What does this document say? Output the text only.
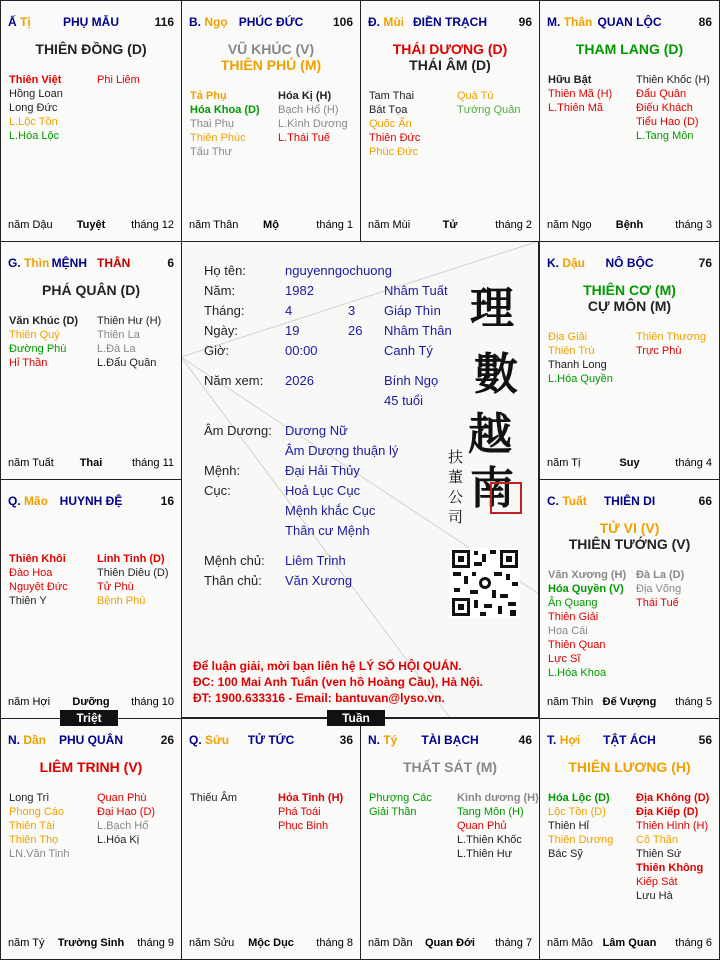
Ấ Tị	PHỤ MẪU	116
THIÊN ĐỒNG (D)
Thiên Việt
Hồng Loan
Long Đức
L.Lộc Tồn
L.Hóa Lộc
Phi Liêm
năm Dậu	Tuyệt	tháng 12
B. Ngọ PHÚC ĐỨC	106
VŨ KHÚC (V)
THIÊN PHỦ (M)
Tả Phụ
Hóa Khoa (D)
Thai Phụ
Thiên Phúc
Tấu Thư
Hóa Kị (H)
Bạch Hổ (H)
L.Kình Dương
L.Thái Tuế
năm Thân	Mộ	tháng 1
Đ. Mùi ĐIỀN TRẠCH	96
THÁI DƯƠNG (D)
THÁI ÂM (D)
Tam Thai
Bát Tọa
Quốc Ấn
Thiên Đức
Phúc Đức
Quả Tú
Tướng Quân
năm Mùi	Tử	tháng 2
M. Thân QUAN LỘC	86
THAM LANG (D)
Hữu Bật
Thiên Mã (H)
L.Thiên Mã
Thiên Khốc (H)
Đẩu Quân
Điếu Khách
Tiểu Hao (D)
L.Tang Môn
năm Ngọ	Bệnh	tháng 3
G. Thìn MỆNH THÂN	6
PHÁ QUÂN (D)
Văn Khúc (D)
Thiên Quý
Đường Phù
Hỉ Thần
Thiên Hư (H)
Thiên La
L.Đà La
L.Đẩu Quân
năm Tuất	Thai	tháng 11
K. Dậu	NÔ BỘC	76
THIÊN CƠ (M)
CỰ MÔN (M)
Địa Giải
Thiên Trù
Thanh Long
L.Hóa Quyền
Thiên Thương
Trực Phù
năm Tị	Suy	tháng 4
Q. Mão HUYNH ĐỆ	16
Thiên Khôi
Đào Hoa
Nguyệt Đức
Thiên Y
Linh Tinh (D)
Thiên Diêu (D)
Tử Phù
Bệnh Phù
năm Hợi	Dưỡng	tháng 10
C. Tuất	THIÊN DI	66
TỬ VI (V)
THIÊN TƯỚNG (V)
Văn Xương (H)
Hóa Quyền (V)
Ân Quang
Thiên Giải
Hoa Cái
Thiên Quan
Lực Sĩ
L.Hóa Khoa
Đà La (D)
Địa Võng
Thái Tuế
năm Thìn Đế Vượng	tháng 5
N. Dần	PHU QUÂN	26
LIÊM TRINH (V)
Long Trì
Phong Cáo
Thiên Tài
Thiên Thọ
LN.Văn Tinh
Quan Phù
Đại Hao (D)
L.Bạch Hổ
L.Hóa Kị
năm Tý	Trường Sinh	tháng 9
Q. Sửu	TỬ TỨC	36
Thiếu Âm	Hỏa Tinh (H)
Phá Toái
Phục Binh
năm Sửu	Mộc Dục	tháng 8
N. Tý	TÀI BẠCH	46
THẤT SÁT (M)
Phượng Các
Giải Thần
Kình dương (H)
Tang Môn (H)
Quan Phủ
L.Thiên Khốc
L.Thiên Hư
năm Dần	Quan Đới	tháng 7
T. Hợi	TẬT ÁCH	56
THIÊN LƯƠNG (H)
Hóa Lộc (D)
Lộc Tồn (D)
Thiên Hỉ
Thiên Dương
Bác Sỹ
Địa Không (D)
Địa Kiếp (D)
Thiên Hình (H)
Cô Thần
Thiên Sứ
Thiên Không
Kiếp Sát
Lưu Hà
năm Mão Lâm Quan	tháng 6
Họ tên:	nguyenngochuong
Năm:	1982	Nhâm Tuất
Tháng:	4	3 Giáp Thìn
Ngày:	19	26 Nhâm Thân
Giờ:	00:00	Canh Tý
Năm xem: 2026	Bính Ngọ
45 tuổi
Âm Dương: Dương Nữ
Âm Dương thuận lý
Mệnh:	Đại Hải Thủy
Cục:	Hoả Lục Cục
Mệnh khắc Cục
Thân cư Mệnh
Mệnh chủ: Liêm Trinh
Thân chủ: Văn Xương
理
數
越
南
扶
董
公
司
Để luận giải, mời bạn liên hệ LÝ SỐ HỘI QUÁN.
ĐC: 100 Mai Anh Tuấn (ven hồ Hoàng Cầu), Hà Nội.
ĐT: 1900.633316 - Email: bantuvan@lyso.vn.
Triệt	Tuần
